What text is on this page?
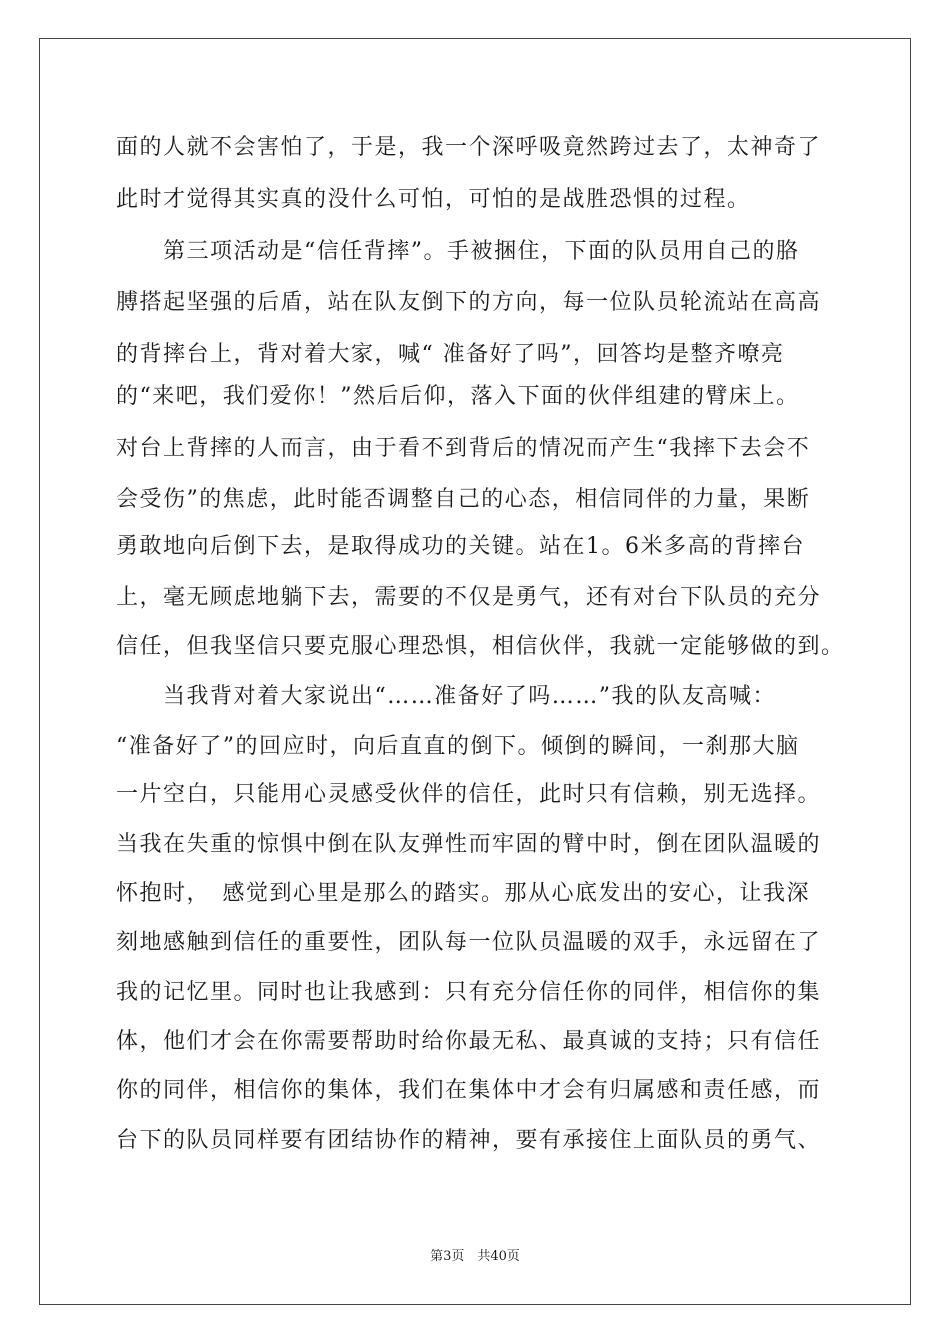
面的人就不会害怕了，于是，我一个深呼吸竟然跨过去了，太神奇了
此时才觉得其实真的没什么可怕，可怕的是战胜恐惧的过程。
　　第三项活动是“信任背摔”。手被捆住，下面的队员用自己的胳
膊搭起坚强的后盾，站在队友倒下的方向，每一位队员轮流站在高高
的背摔台上，背对着大家，喊“ 准备好了吗”，回答均是整齐嘹亮
的“来吧，我们爱你！”然后后仰，落入下面的伙伴组建的臂床上。
对台上背摔的人而言，由于看不到背后的情况而产生“我摔下去会不
会受伤”的焦虑，此时能否调整自己的心态，相信同伴的力量，果断
勇敢地向后倒下去，是取得成功的关键。站在1。6米多高的背摔台
上，毫无顾虑地躺下去，需要的不仅是勇气，还有对台下队员的充分
信任，但我坚信只要克服心理恐惧，相信伙伴，我就一定能够做的到。
　　当我背对着大家说出“……准备好了吗……”我的队友高喊：
“准备好了”的回应时，向后直直的倒下。倾倒的瞬间，一刹那大脑
一片空白，只能用心灵感受伙伴的信任，此时只有信赖，别无选择。
当我在失重的惊惧中倒在队友弹性而牢固的臂中时，倒在团队温暖的
怀抱时，　感觉到心里是那么的踏实。那从心底发出的安心，让我深
刻地感触到信任的重要性，团队每一位队员温暖的双手，永远留在了
我的记忆里。同时也让我感到：只有充分信任你的同伴，相信你的集
体，他们才会在你需要帮助时给你最无私、最真诚的支持；只有信任
你的同伴，相信你的集体，我们在集体中才会有归属感和责任感，而
台下的队员同样要有团结协作的精神，要有承接住上面队员的勇气、
第3页　共40页
